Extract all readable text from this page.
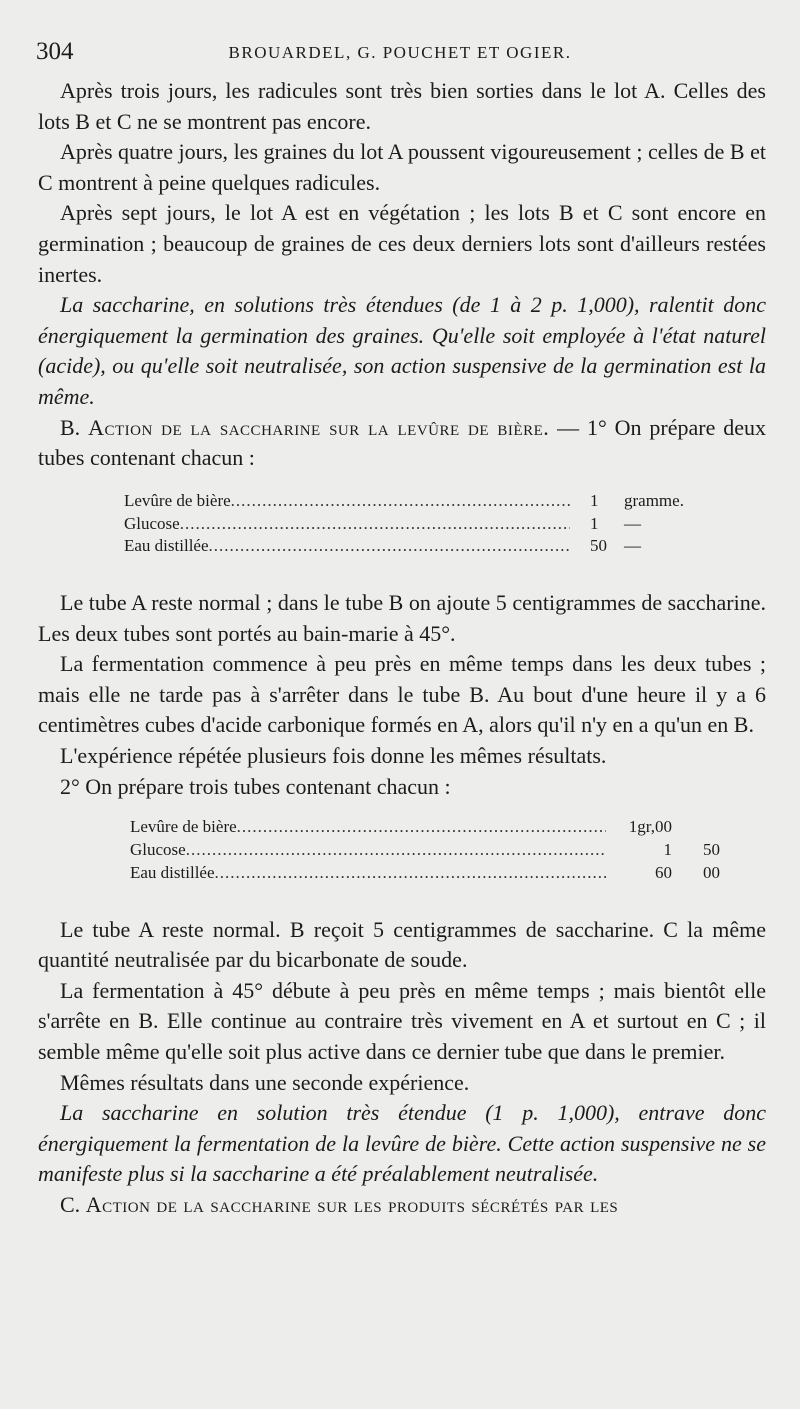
304	BROUARDEL, G. POUCHET ET OGIER.

Après trois jours, les radicules sont très bien sorties dans le lot A. Celles des lots B et C ne se montrent pas encore.

Après quatre jours, les graines du lot A poussent vigoureusement ; celles de B et C montrent à peine quelques radicules.

Après sept jours, le lot A est en végétation ; les lots B et C sont encore en germination ; beaucoup de graines de ces deux derniers lots sont d'ailleurs restées inertes.

La saccharine, en solutions très étendues (de 1 à 2 p. 1,000), ralentit donc énergiquement la germination des graines. Qu'elle soit employée à l'état naturel (acide), ou qu'elle soit neutralisée, son action suspensive de la germination est la même.

B. Action de la saccharine sur la levûre de bière. — 1° On prépare deux tubes contenant chacun :

Levûre de bière .....	1	gramme.
Glucose .....	1	—
Eau distillée .....	50	—

Le tube A reste normal ; dans le tube B on ajoute 5 centigrammes de saccharine. Les deux tubes sont portés au bain-marie à 45°.

La fermentation commence à peu près en même temps dans les deux tubes ; mais elle ne tarde pas à s'arrêter dans le tube B. Au bout d'une heure il y a 6 centimètres cubes d'acide carbonique formés en A, alors qu'il n'y en a qu'un en B.

L'expérience répétée plusieurs fois donne les mêmes résultats.

2° On prépare trois tubes contenant chacun :

Levûre de bière .....	1gr,00
Glucose .....	1	50
Eau distillée .....	60	00

Le tube A reste normal. B reçoit 5 centigrammes de saccharine. C la même quantité neutralisée par du bicarbonate de soude.

La fermentation à 45° débute à peu près en même temps ; mais bientôt elle s'arrête en B. Elle continue au contraire très vivement en A et surtout en C ; il semble même qu'elle soit plus active dans ce dernier tube que dans le premier.

Mêmes résultats dans une seconde expérience.

La saccharine en solution très étendue (1 p. 1,000), entrave donc énergiquement la fermentation de la levûre de bière. Cette action suspensive ne se manifeste plus si la saccharine a été préalablement neutralisée.

C. Action de la saccharine sur les produits sécrétés par les
